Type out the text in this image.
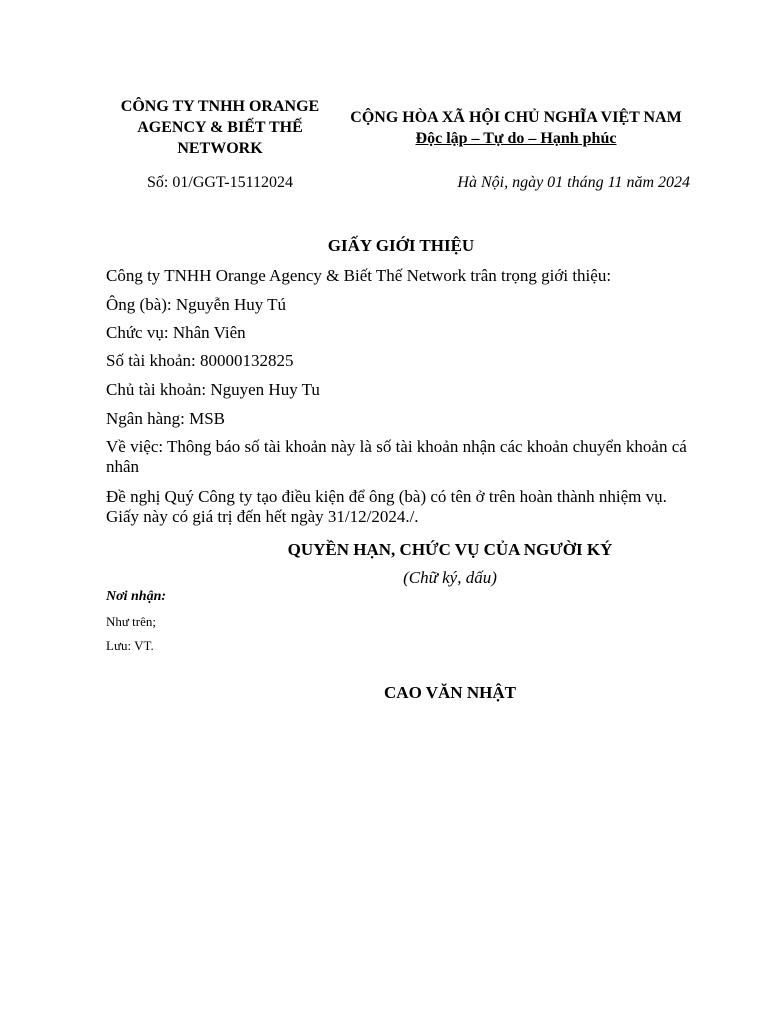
CÔNG TY TNHH ORANGE AGENCY & BIẾT THẾ NETWORK
CỘNG HÒA XÃ HỘI CHỦ NGHĨA VIỆT NAM
Độc lập – Tự do – Hạnh phúc
Số: 01/GGT-15112024	Hà Nội, ngày 01 tháng 11 năm 2024
GIẤY GIỚI THIỆU
Công ty TNHH Orange Agency & Biết Thế Network trân trọng giới thiệu:
Ông (bà): Nguyễn Huy Tú
Chức vụ: Nhân Viên
Số tài khoản: 80000132825
Chủ tài khoản: Nguyen Huy Tu
Ngân hàng: MSB
Về việc: Thông báo số tài khoản này là số tài khoản nhận các khoản chuyển khoản cá nhân
Đề nghị Quý Công ty tạo điều kiện để ông (bà) có tên ở trên hoàn thành nhiệm vụ.
Giấy này có giá trị đến hết ngày 31/12/2024./.
QUYỀN HẠN, CHỨC VỤ CỦA NGƯỜI KÝ
(Chữ ký, dấu)
Nơi nhận:
Như trên;
Lưu: VT.
CAO VĂN NHẬT
